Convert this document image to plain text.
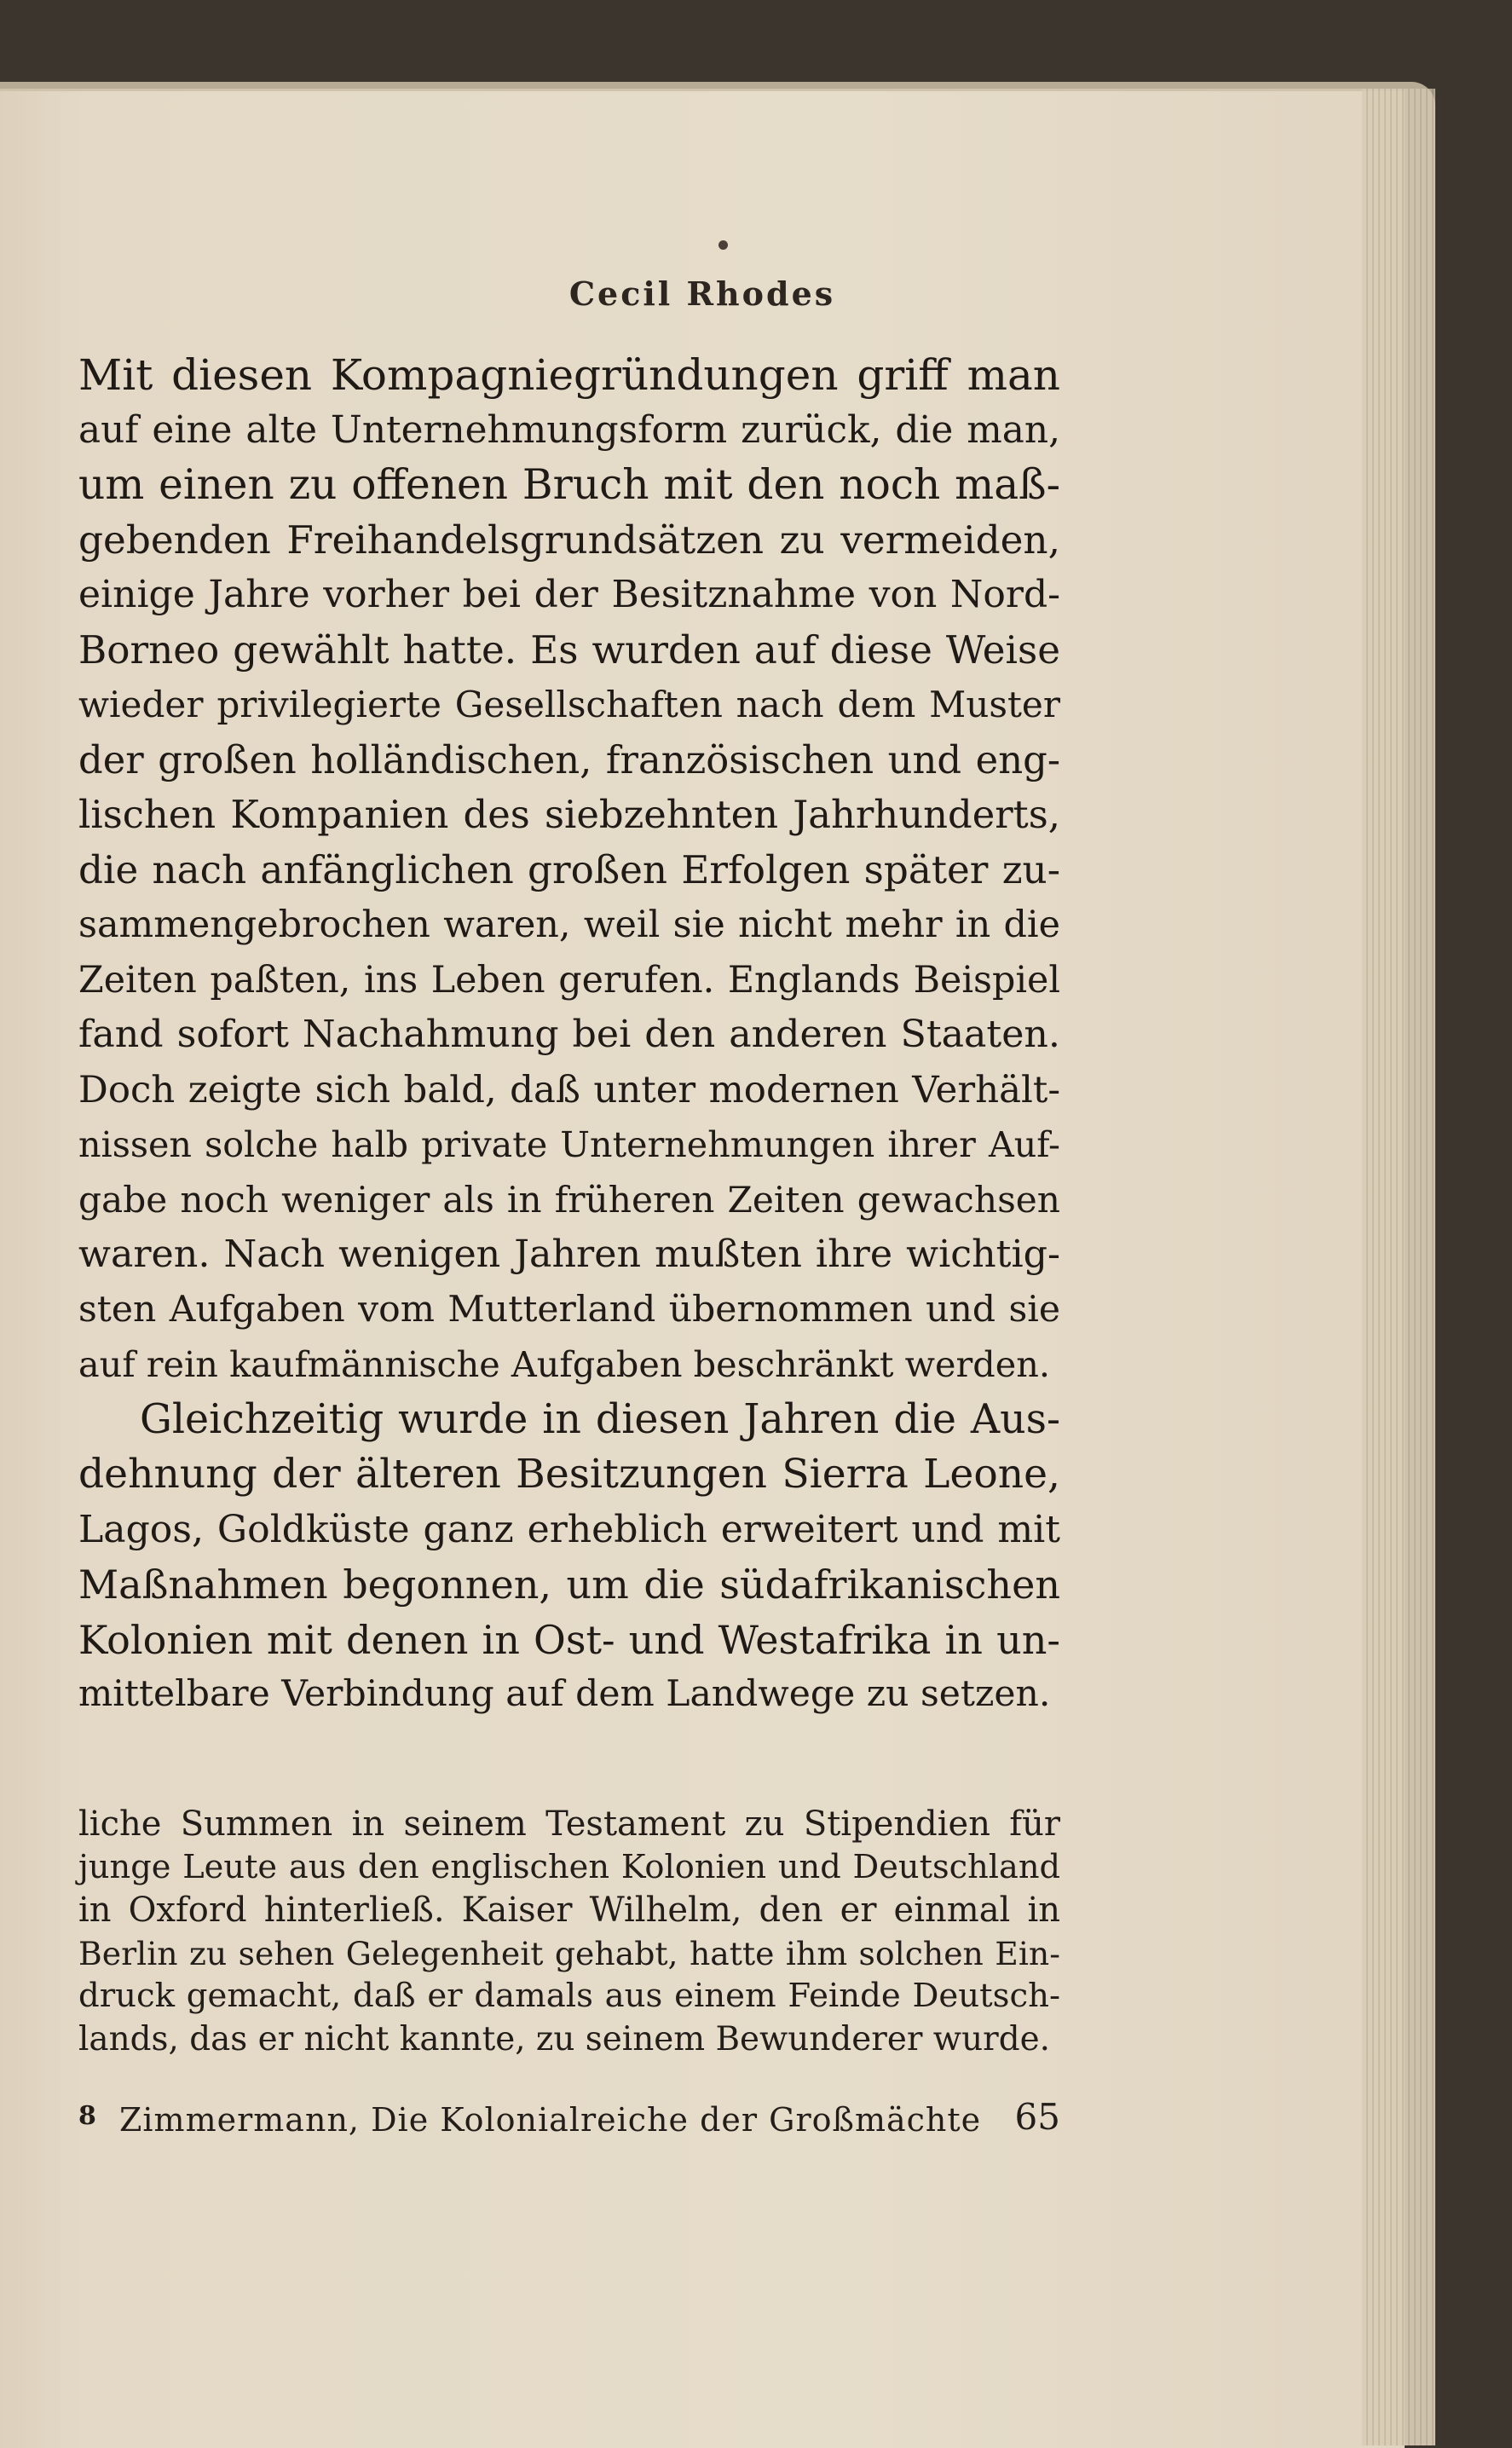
Cecil Rhodes
Mit diesen Kompagniegründungen griff man
auf eine alte Unternehmungsform zurück, die man,
um einen zu offenen Bruch mit den noch maß-
gebenden Freihandelsgrundsätzen zu vermeiden,
einige Jahre vorher bei der Besitznahme von Nord-
Borneo gewählt hatte. Es wurden auf diese Weise
wieder privilegierte Gesellschaften nach dem Muster
der großen holländischen, französischen und eng-
lischen Kompanien des siebzehnten Jahrhunderts,
die nach anfänglichen großen Erfolgen später zu-
sammengebrochen waren, weil sie nicht mehr in die
Zeiten paßten, ins Leben gerufen. Englands Beispiel
fand sofort Nachahmung bei den anderen Staaten.
Doch zeigte sich bald, daß unter modernen Verhält-
nissen solche halb private Unternehmungen ihrer Auf-
gabe noch weniger als in früheren Zeiten gewachsen
waren. Nach wenigen Jahren mußten ihre wichtig-
sten Aufgaben vom Mutterland übernommen und sie
auf rein kaufmännische Aufgaben beschränkt werden.
Gleichzeitig wurde in diesen Jahren die Aus-
dehnung der älteren Besitzungen Sierra Leone,
Lagos, Goldküste ganz erheblich erweitert und mit
Maßnahmen begonnen, um die südafrikanischen
Kolonien mit denen in Ost- und Westafrika in un-
mittelbare Verbindung auf dem Landwege zu setzen.
liche Summen in seinem Testament zu Stipendien für
junge Leute aus den englischen Kolonien und Deutschland
in Oxford hinterließ. Kaiser Wilhelm, den er einmal in
Berlin zu sehen Gelegenheit gehabt, hatte ihm solchen Ein-
druck gemacht, daß er damals aus einem Feinde Deutsch-
lands, das er nicht kannte, zu seinem Bewunderer wurde.
8 Zimmermann, Die Kolonialreiche der Großmächte 65
